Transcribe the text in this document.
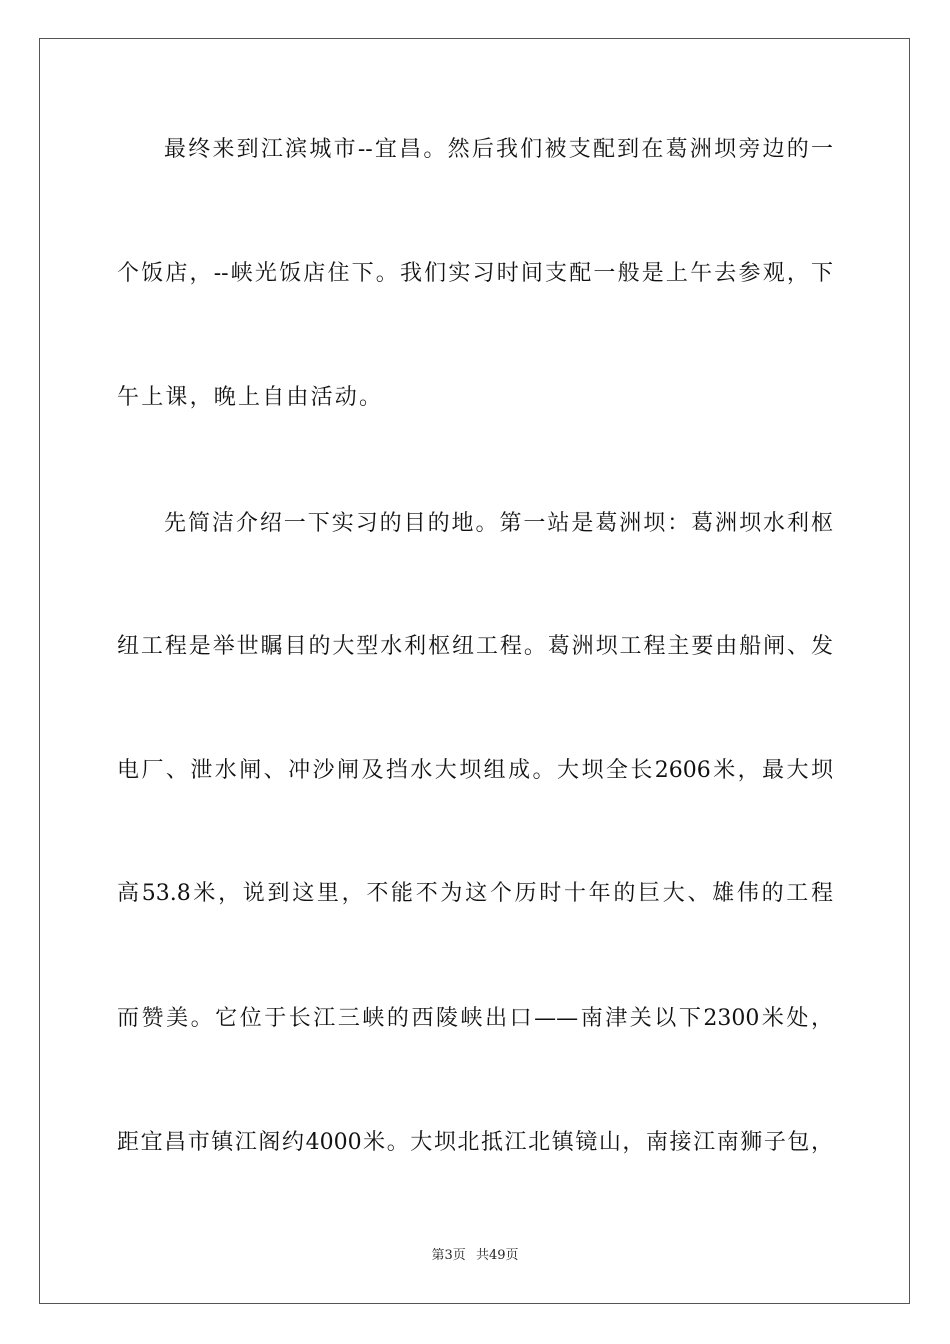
最终来到江滨城市--宜昌。然后我们被支配到在葛洲坝旁边的一
个饭店，--峡光饭店住下。我们实习时间支配一般是上午去参观，下
午上课，晚上自由活动。
先简洁介绍一下实习的目的地。第一站是葛洲坝：葛洲坝水利枢
纽工程是举世瞩目的大型水利枢纽工程。葛洲坝工程主要由船闸、发
电厂、泄水闸、冲沙闸及挡水大坝组成。大坝全长2606米，最大坝
高53.8米，说到这里，不能不为这个历时十年的巨大、雄伟的工程
而赞美。它位于长江三峡的西陵峡出口——南津关以下2300米处，
距宜昌市镇江阁约4000米。大坝北抵江北镇镜山，南接江南狮子包，
第3页 共49页
